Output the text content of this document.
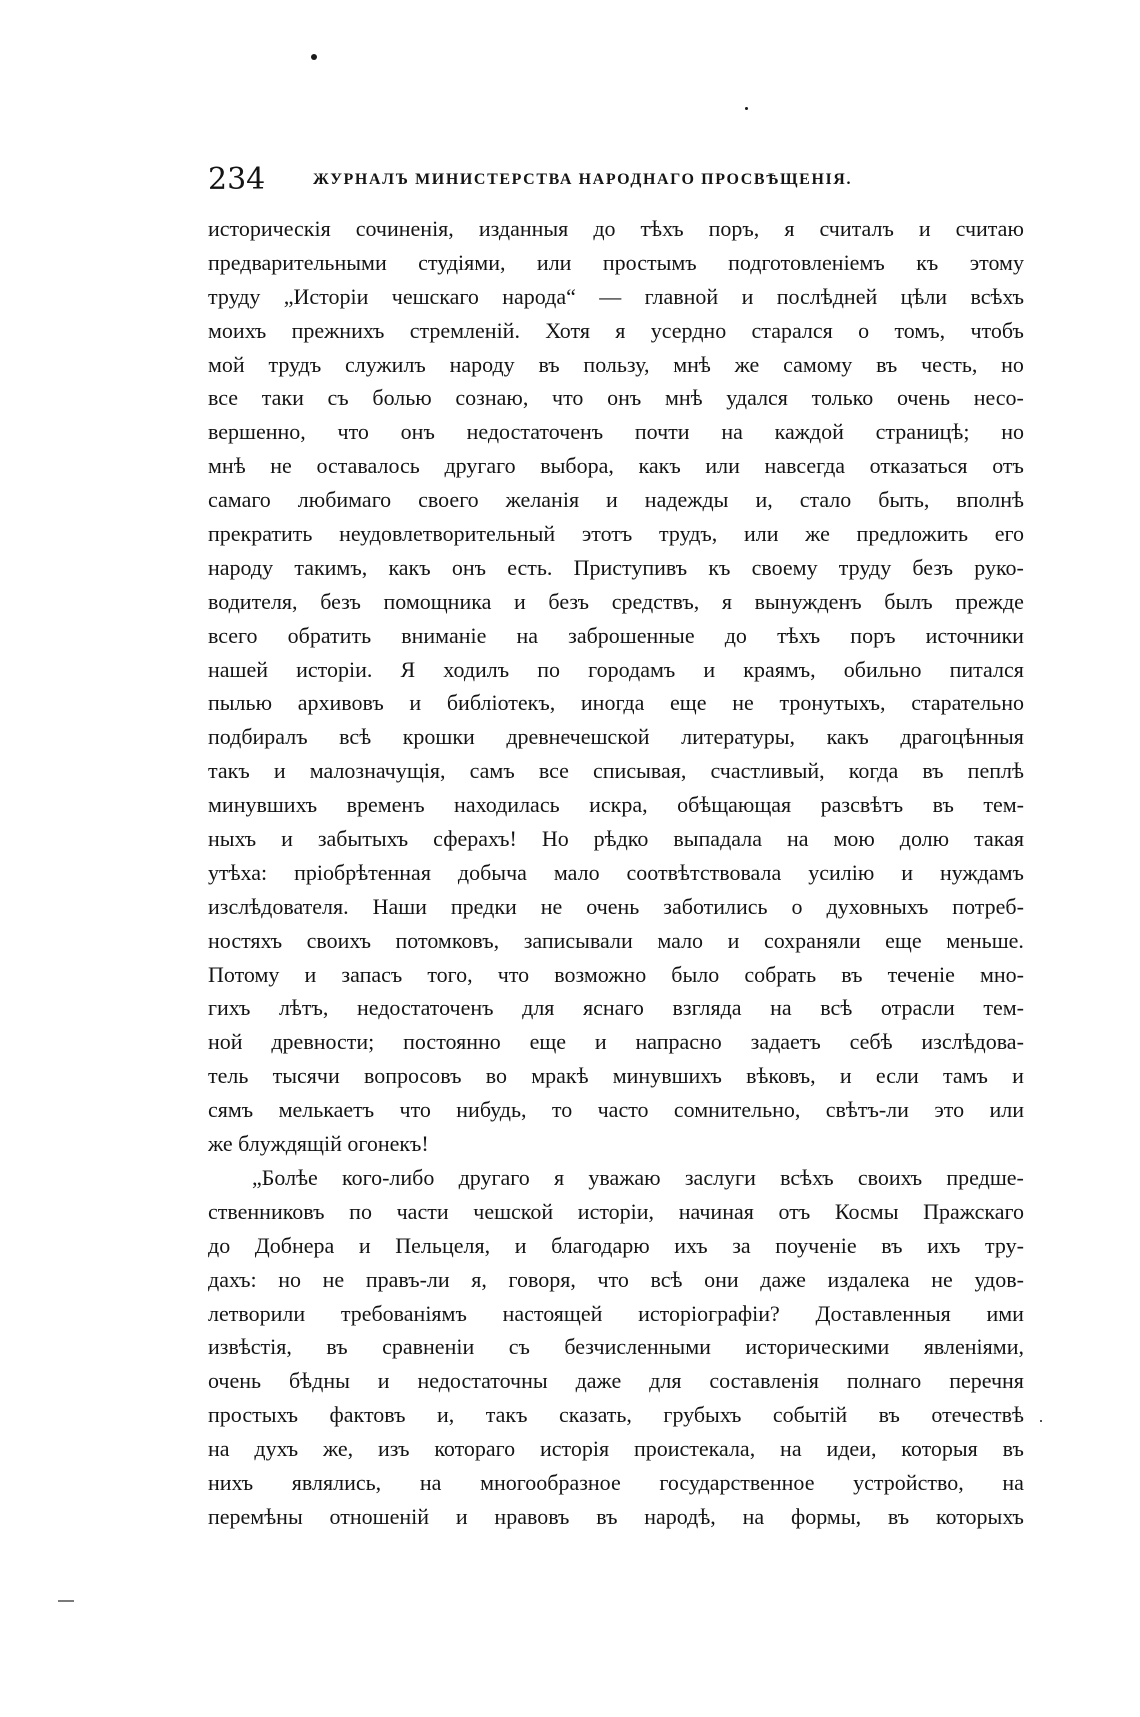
234	ЖУРНАЛЪ МИНИСТЕРСТВА НАРОДНАГО ПРОСВѢЩЕНІЯ.
историческія сочиненія, изданныя до тѣхъ поръ, я считалъ и считаю
предварительными студіями, или простымъ подготовленіемъ къ этому
труду „Исторіи чешскаго народа“ — главной и послѣдней цѣли всѣхъ
моихъ прежнихъ стремленій. Хотя я усердно старался о томъ, чтобъ
мой трудъ служилъ народу въ пользу, мнѣ же самому въ честь, но
все таки съ болью сознаю, что онъ мнѣ удался только очень несо-
вершенно, что онъ недостаточенъ почти на каждой страницѣ; но
мнѣ не оставалось другаго выбора, какъ или навсегда отказаться отъ
самаго любимаго своего желанія и надежды и, стало быть, вполнѣ
прекратить неудовлетворительный этотъ трудъ, или же предложить его
народу такимъ, какъ онъ есть. Приступивъ къ своему труду безъ руко-
водителя, безъ помощника и безъ средствъ, я вынужденъ былъ прежде
всего обратить вниманіе на заброшенные до тѣхъ поръ источники
нашей исторіи. Я ходилъ по городамъ и краямъ, обильно питался
пылью архивовъ и библіотекъ, иногда еще не тронутыхъ, старательно
подбиралъ всѣ крошки древнечешской литературы, какъ драгоцѣнныя
такъ и малозначущія, самъ все списывая, счастливый, когда въ пеплѣ
минувшихъ временъ находилась искра, обѣщающая разсвѣтъ въ тем-
ныхъ и забытыхъ сферахъ! Но рѣдко выпадала на мою долю такая
утѣха: пріобрѣтенная добыча мало соотвѣтствовала усилію и нуждамъ
изслѣдователя. Наши предки не очень заботились о духовныхъ потреб-
ностяхъ своихъ потомковъ, записывали мало и сохраняли еще меньше.
Потому и запасъ того, что возможно было собрать въ теченіе мно-
гихъ лѣтъ, недостаточенъ для яснаго взгляда на всѣ отрасли тем-
ной древности; постоянно еще и напрасно задаетъ себѣ изслѣдова-
тель тысячи вопросовъ во мракѣ минувшихъ вѣковъ, и если тамъ и
сямъ мелькаетъ что нибудь, то часто сомнительно, свѣтъ-ли это или
же блуждящій огонекъ!
„Болѣе кого-либо другаго я уважаю заслуги всѣхъ своихъ предше-
ственниковъ по части чешской исторіи, начиная отъ Космы Пражскаго
до Добнера и Пельцеля, и благодарю ихъ за поученіе въ ихъ тру-
дахъ: но не правъ-ли я, говоря, что всѣ они даже издалека не удов-
летворили требованіямъ настоящей исторіографіи? Доставленныя ими
извѣстія, въ сравненіи съ безчисленными историческими явленіями,
очень бѣдны и недостаточны даже для составленія полнаго перечня
простыхъ фактовъ и, такъ сказать, грубыхъ событій въ отечествѣ
на духъ же, изъ котораго исторія проистекала, на идеи, которыя въ
нихъ являлись, на многообразное государственное устройство, на
перемѣны отношеній и нравовъ въ народѣ, на формы, въ которыхъ
